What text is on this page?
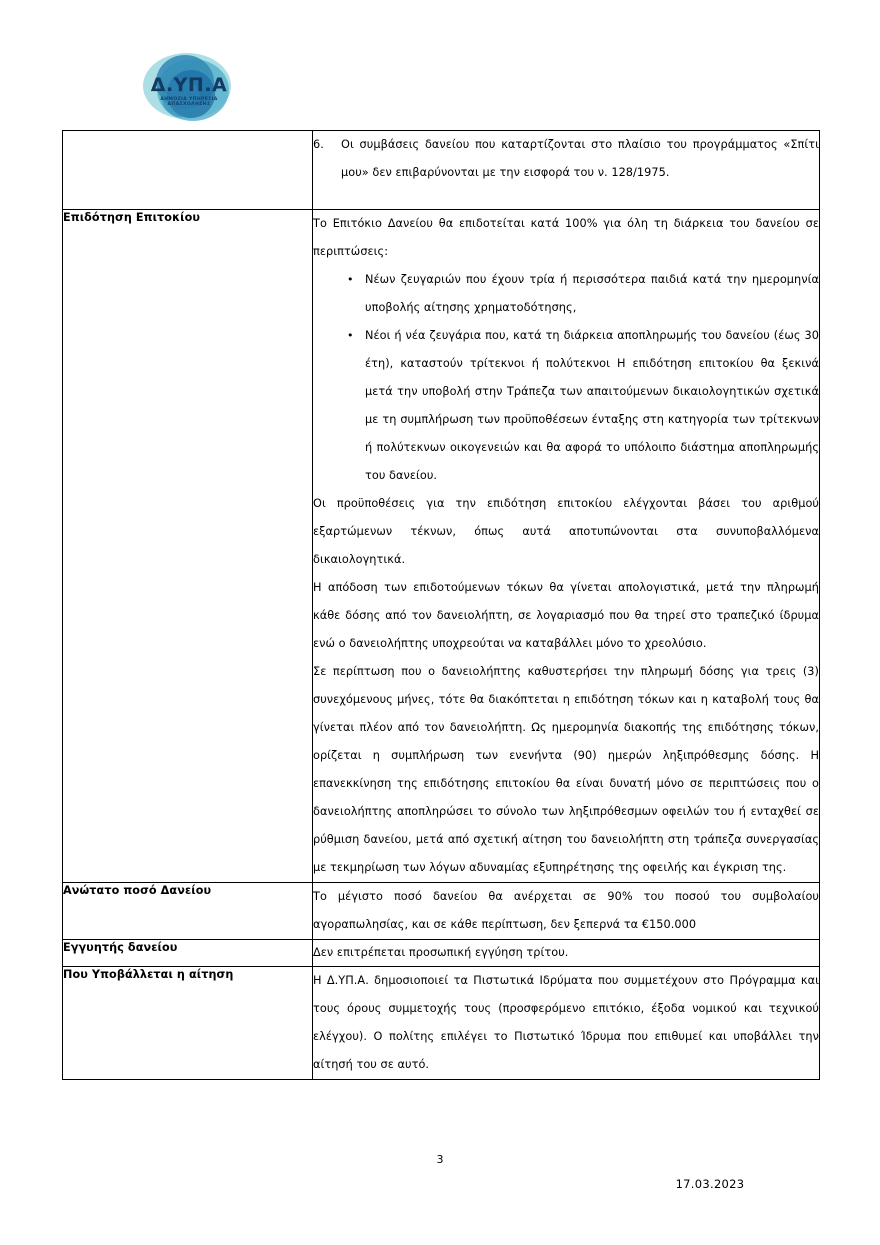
Δ.ΥΠ.Α
ΔΗΜΟΣΙΑ ΥΠΗΡΕΣΙΑ ΑΠΑΣΧΟΛΗΣΗΣ

	6. Οι συμβάσεις δανείου που καταρτίζονται στο πλαίσιο του προγράμματος «Σπίτι μου» δεν επιβαρύνονται με την εισφορά του ν. 128/1975.

Επιδότηση Επιτοκίου	Το Επιτόκιο Δανείου θα επιδοτείται κατά 100% για όλη τη διάρκεια του δανείου σε περιπτώσεις:

• Νέων ζευγαριών που έχουν τρία ή περισσότερα παιδιά κατά την ημερομηνία υποβολής αίτησης χρηματοδότησης,
• Νέοι ή νέα ζευγάρια που, κατά τη διάρκεια αποπληρωμής του δανείου (έως 30 έτη), καταστούν τρίτεκνοι ή πολύτεκνοι Η επιδότηση επιτοκίου θα ξεκινά μετά την υποβολή στην Τράπεζα των απαιτούμενων δικαιολογητικών σχετικά με τη συμπλήρωση των προϋποθέσεων ένταξης στη κατηγορία των τρίτεκνων ή πολύτεκνων οικογενειών και θα αφορά το υπόλοιπο διάστημα αποπληρωμής του δανείου.

Οι προϋποθέσεις για την επιδότηση επιτοκίου ελέγχονται βάσει του αριθμού εξαρτώμενων τέκνων, όπως αυτά αποτυπώνονται στα συνυποβαλλόμενα δικαιολογητικά.

Η απόδοση των επιδοτούμενων τόκων θα γίνεται απολογιστικά, μετά την πληρωμή κάθε δόσης από τον δανειολήπτη, σε λογαριασμό που θα τηρεί στο τραπεζικό ίδρυμα ενώ ο δανειολήπτης υποχρεούται να καταβάλλει μόνο το χρεολύσιο.

Σε περίπτωση που ο δανειολήπτης καθυστερήσει την πληρωμή δόσης για τρεις (3) συνεχόμενους μήνες, τότε θα διακόπτεται η επιδότηση τόκων και η καταβολή τους θα γίνεται πλέον από τον δανειολήπτη. Ως ημερομηνία διακοπής της επιδότησης τόκων, ορίζεται η συμπλήρωση των ενενήντα (90) ημερών ληξιπρόθεσμης δόσης. Η επανεκκίνηση της επιδότησης επιτοκίου θα είναι δυνατή μόνο σε περιπτώσεις που ο δανειολήπτης αποπληρώσει το σύνολο των ληξιπρόθεσμων οφειλών του ή ενταχθεί σε ρύθμιση δανείου, μετά από σχετική αίτηση του δανειολήπτη στη τράπεζα συνεργασίας με τεκμηρίωση των λόγων αδυναμίας εξυπηρέτησης της οφειλής και έγκριση της.

Ανώτατο ποσό Δανείου	Το μέγιστο ποσό δανείου θα ανέρχεται σε 90% του ποσού του συμβολαίου αγοραπωλησίας, και σε κάθε περίπτωση, δεν ξεπερνά τα €150.000
Εγγυητής δανείου	Δεν επιτρέπεται προσωπική εγγύηση τρίτου.
Που Υποβάλλεται η αίτηση	Η Δ.ΥΠ.Α. δημοσιοποιεί τα Πιστωτικά Ιδρύματα που συμμετέχουν στο Πρόγραμμα και τους όρους συμμετοχής τους (προσφερόμενο επιτόκιο, έξοδα νομικού και τεχνικού ελέγχου). Ο πολίτης επιλέγει το Πιστωτικό Ίδρυμα που επιθυμεί και υποβάλλει την αίτησή του σε αυτό.
3
17.03.2023
